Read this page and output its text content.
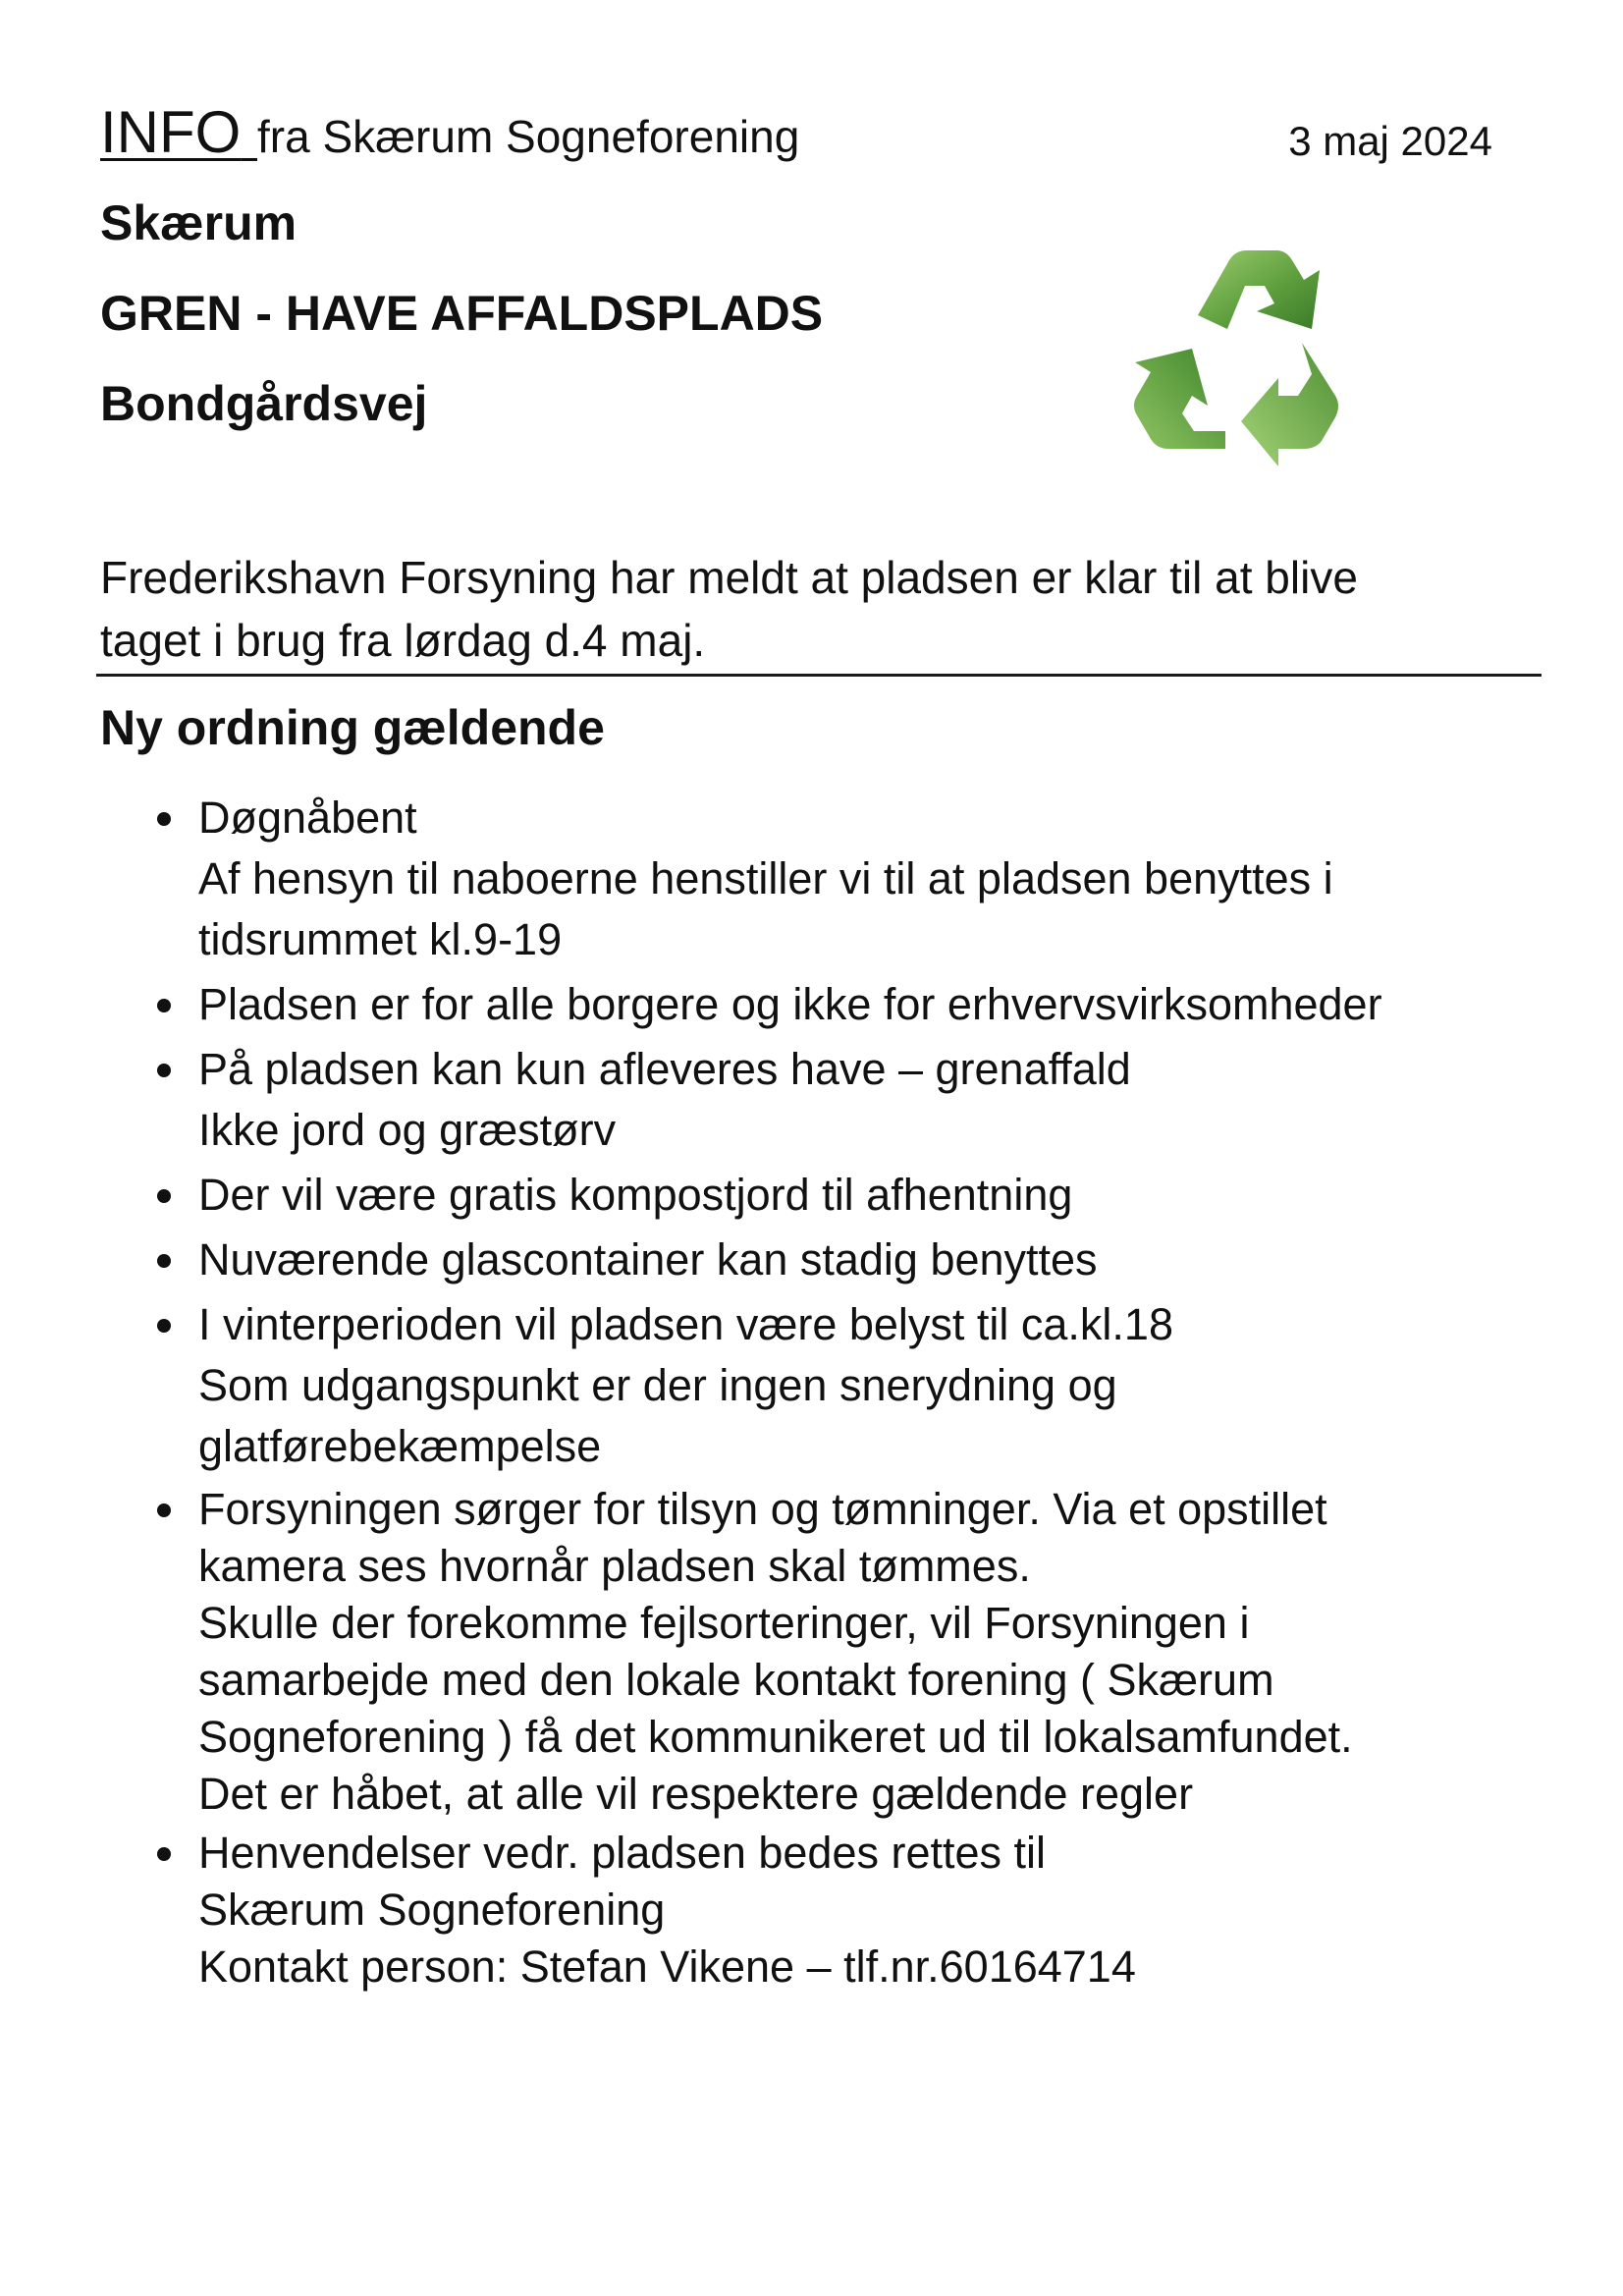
INFO fra Skærum Sogneforening	3 maj 2024
Skærum
GREN - HAVE AFFALDSPLADS
Bondgårdsvej

Frederikshavn Forsyning har meldt at pladsen er klar til at blive
taget i brug fra lørdag d.4 maj.

Ny ordning gældende
Døgnåbent
Af hensyn til naboerne henstiller vi til at pladsen benyttes i
tidsrummet kl.9-19
Pladsen er for alle borgere og ikke for erhvervsvirksomheder
På pladsen kan kun afleveres have – grenaffald
Ikke jord og græstørv
Der vil være gratis kompostjord til afhentning
Nuværende glascontainer kan stadig benyttes
I vinterperioden vil pladsen være belyst til ca.kl.18
Som udgangspunkt er der ingen snerydning og
glatførebekæmpelse
Forsyningen sørger for tilsyn og tømninger. Via et opstillet
kamera ses hvornår pladsen skal tømmes.
Skulle der forekomme fejlsorteringer, vil Forsyningen i
samarbejde med den lokale kontakt forening ( Skærum
Sogneforening ) få det kommunikeret ud til lokalsamfundet.
Det er håbet, at alle vil respektere gældende regler
Henvendelser vedr. pladsen bedes rettes til
Skærum Sogneforening
Kontakt person: Stefan Vikene – tlf.nr.60164714
